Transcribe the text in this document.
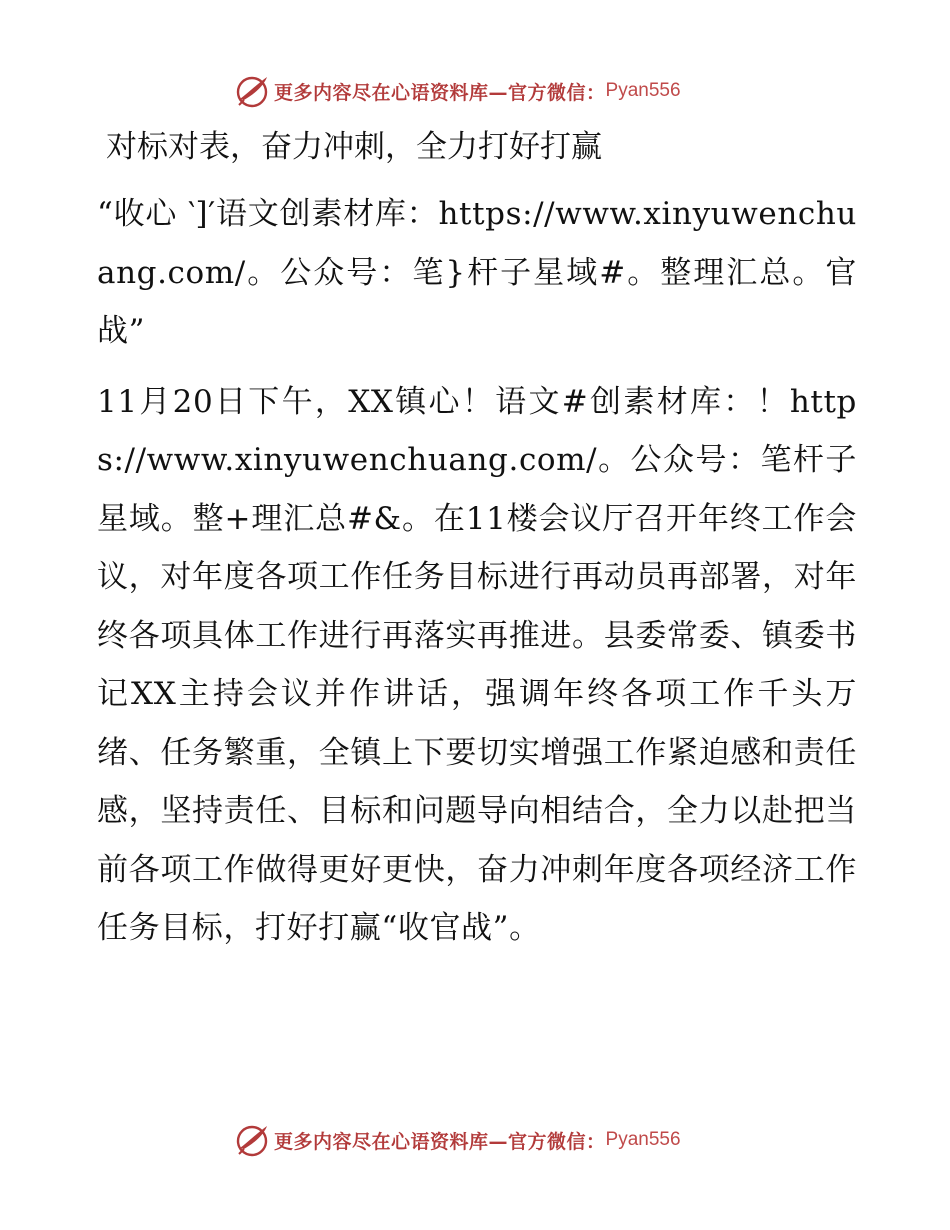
更多内容尽在心语资料库—官方微信： Pyan556

对标对表，奋力冲刺，全力打好打赢

“收心 ‵]′语文创素材库：https://www.xinyuwenchuang.com/。公众号：笔}杆子星域#。整理汇总。官战”

11月20日下午，XX镇心！语文#创素材库：！https://www.xinyuwenchuang.com/。公众号：笔杆子星域。整+理汇总#&。在11楼会议厅召开年终工作会议，对年度各项工作任务目标进行再动员再部署，对年终各项具体工作进行再落实再推进。县委常委、镇委书记XX主持会议并作讲话，强调年终各项工作千头万绪、任务繁重，全镇上下要切实增强工作紧迫感和责任感，坚持责任、目标和问题导向相结合，全力以赴把当前各项工作做得更好更快，奋力冲刺年度各项经济工作任务目标，打好打赢“收官战”。

更多内容尽在心语资料库—官方微信： Pyan556
